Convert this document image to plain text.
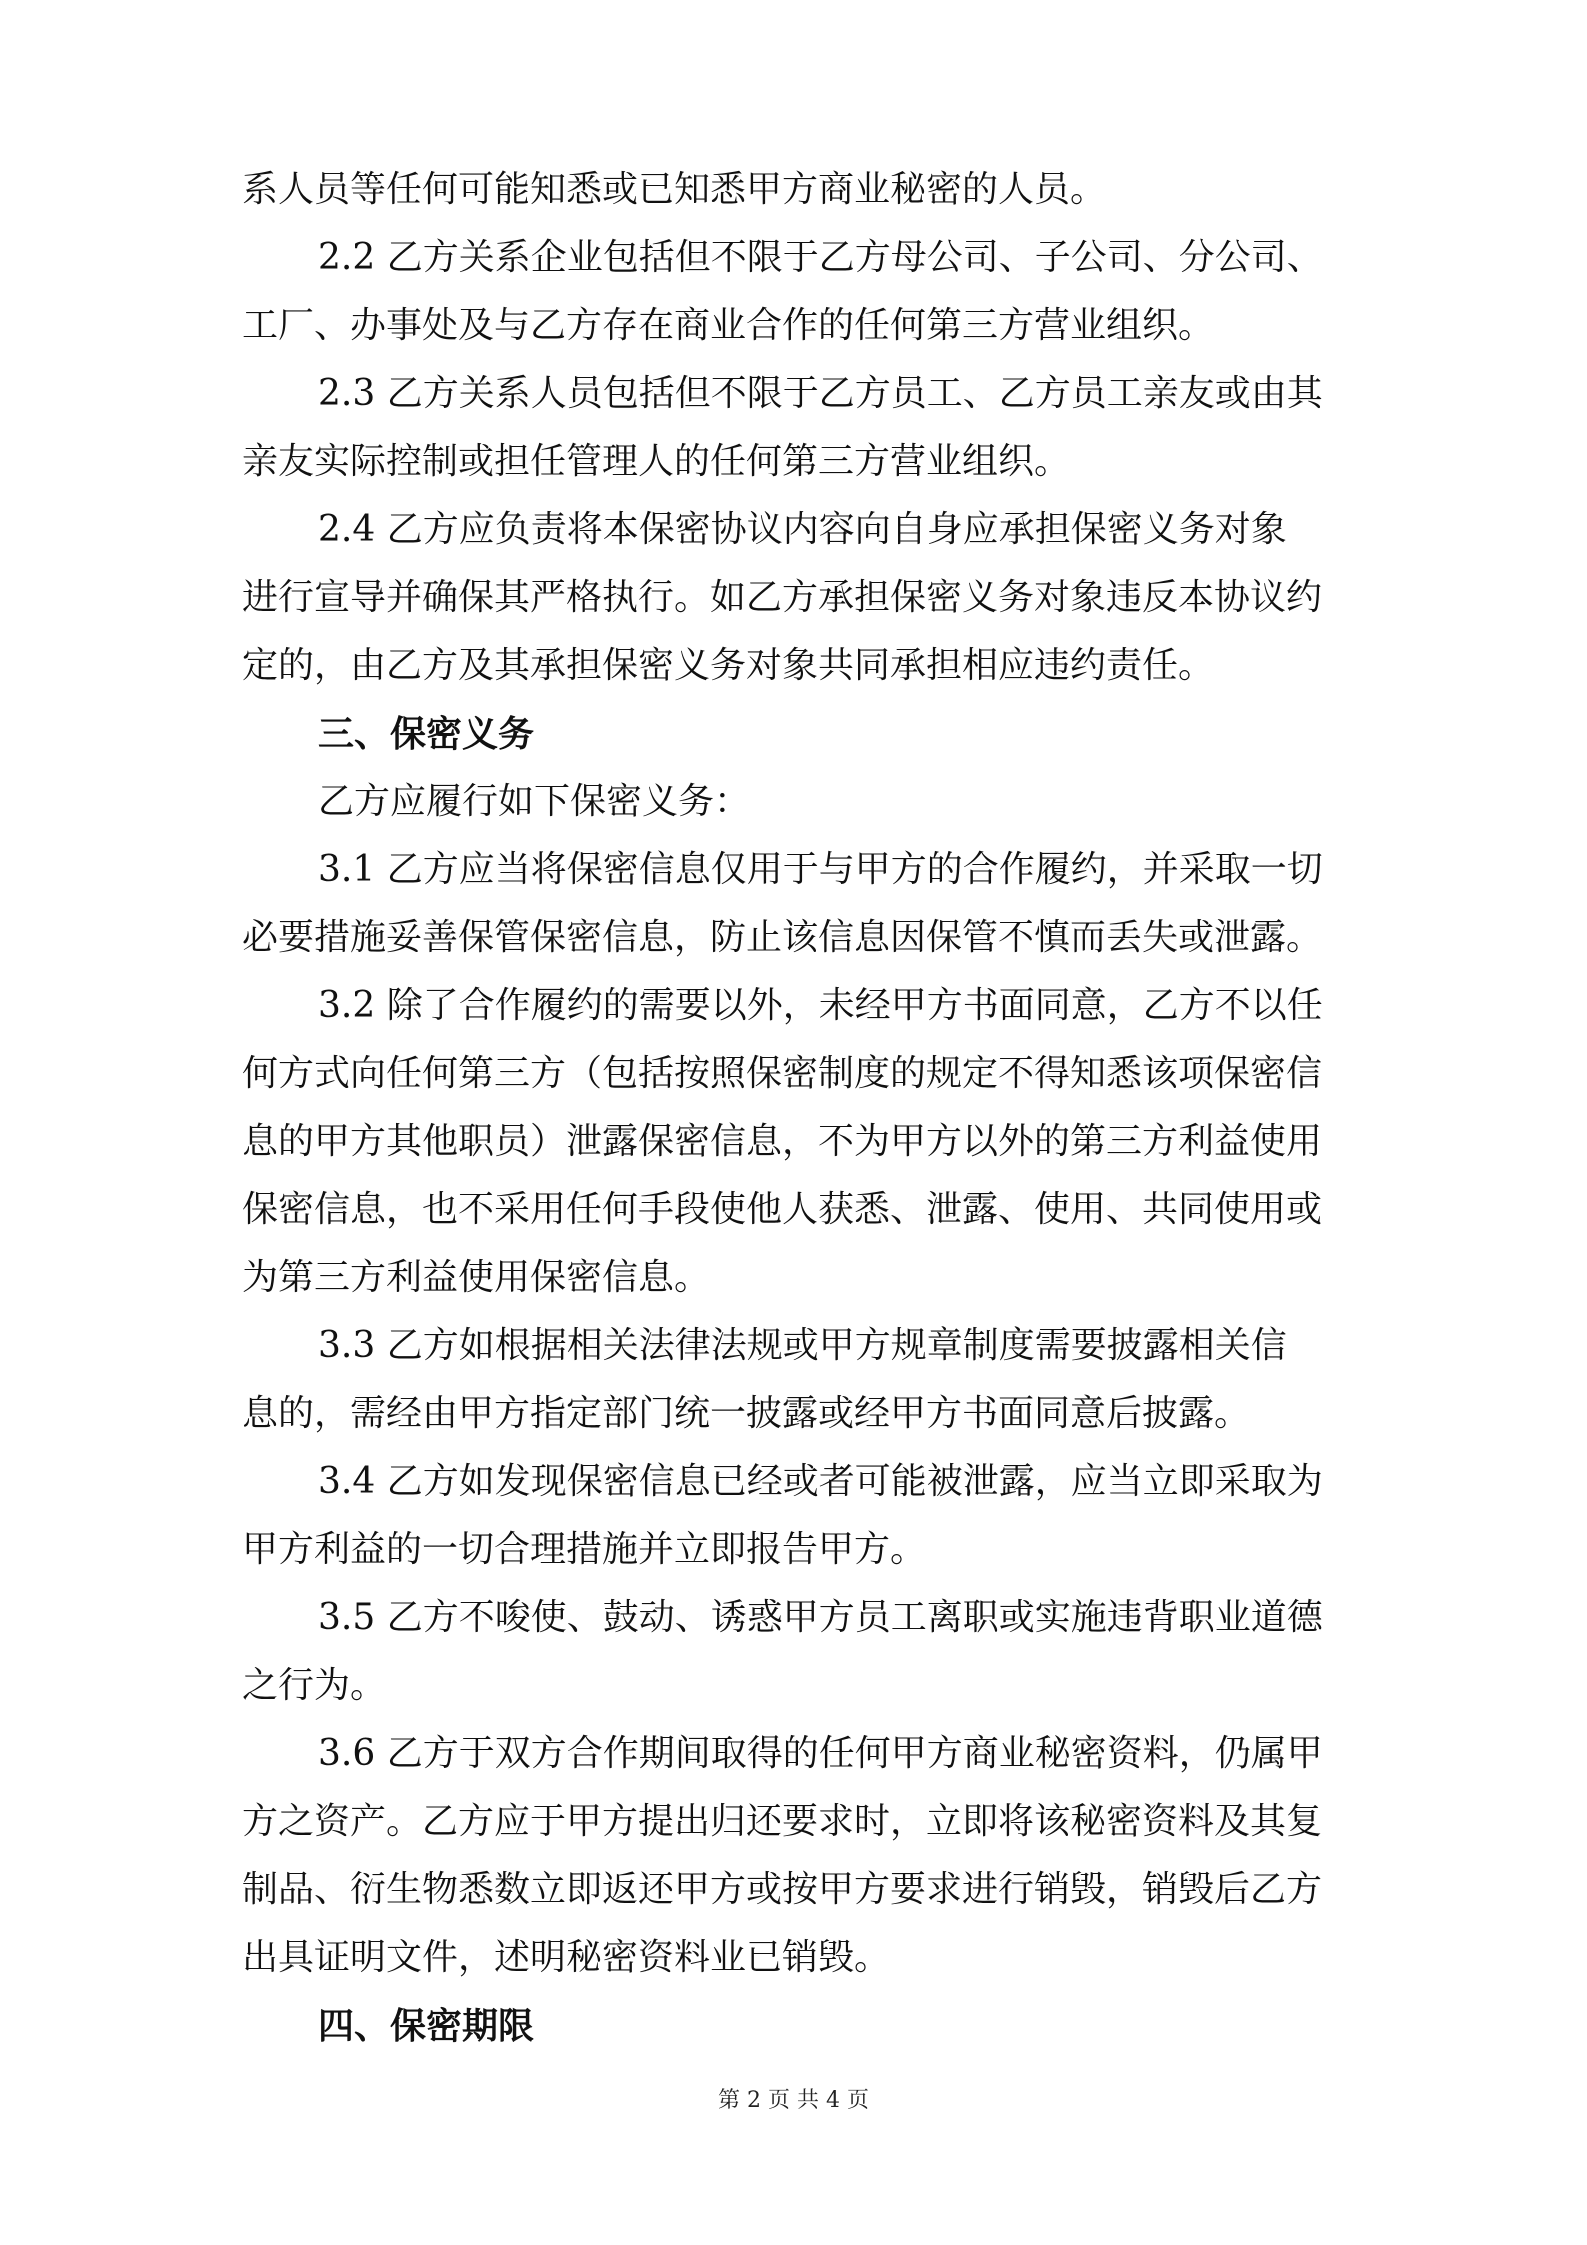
系人员等任何可能知悉或已知悉甲方商业秘密的人员。
2.2 乙方关系企业包括但不限于乙方母公司、子公司、分公司、
工厂、办事处及与乙方存在商业合作的任何第三方营业组织。
2.3 乙方关系人员包括但不限于乙方员工、乙方员工亲友或由其
亲友实际控制或担任管理人的任何第三方营业组织。
2.4 乙方应负责将本保密协议内容向自身应承担保密义务对象
进行宣导并确保其严格执行。如乙方承担保密义务对象违反本协议约
定的，由乙方及其承担保密义务对象共同承担相应违约责任。
三、保密义务
乙方应履行如下保密义务：
3.1 乙方应当将保密信息仅用于与甲方的合作履约，并采取一切
必要措施妥善保管保密信息，防止该信息因保管不慎而丢失或泄露。
3.2 除了合作履约的需要以外，未经甲方书面同意，乙方不以任
何方式向任何第三方（包括按照保密制度的规定不得知悉该项保密信
息的甲方其他职员）泄露保密信息，不为甲方以外的第三方利益使用
保密信息，也不采用任何手段使他人获悉、泄露、使用、共同使用或
为第三方利益使用保密信息。
3.3 乙方如根据相关法律法规或甲方规章制度需要披露相关信
息的，需经由甲方指定部门统一披露或经甲方书面同意后披露。
3.4 乙方如发现保密信息已经或者可能被泄露，应当立即采取为
甲方利益的一切合理措施并立即报告甲方。
3.5 乙方不唆使、鼓动、诱惑甲方员工离职或实施违背职业道德
之行为。
3.6 乙方于双方合作期间取得的任何甲方商业秘密资料，仍属甲
方之资产。乙方应于甲方提出归还要求时，立即将该秘密资料及其复
制品、衍生物悉数立即返还甲方或按甲方要求进行销毁，销毁后乙方
出具证明文件，述明秘密资料业已销毁。
四、保密期限
第 2 页 共 4 页
